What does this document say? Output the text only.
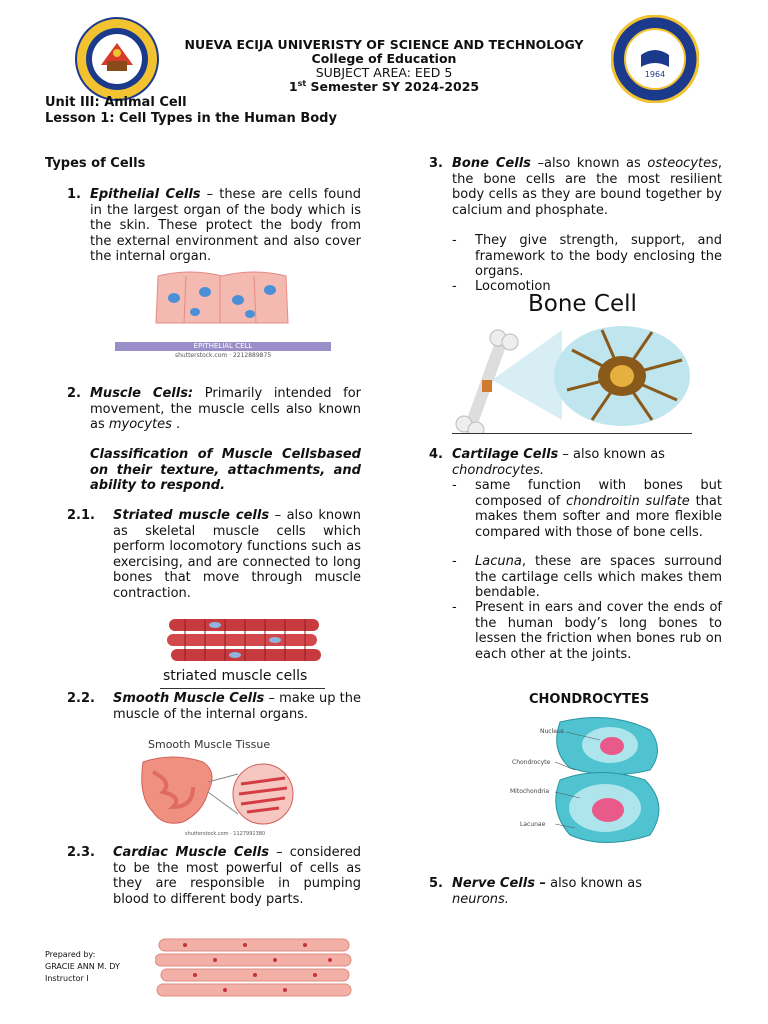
1964
NUEVA ECIJA UNIVERISTY OF SCIENCE AND TECHNOLOGY
College of Education
SUBJECT AREA: EED 5
1st Semester SY 2024-2025
Unit III: Animal Cell
Lesson 1: Cell Types in the Human Body
Types of Cells
1. Epithelial Cells – these are cells found in the largest organ of the body which is the skin. These protect the body from the external environment and also cover the internal organ.
EPITHELIAL CELL
shutterstock.com · 2212889875
2. Muscle Cells: Primarily intended for movement, the muscle cells also known as myocytes .
Classification of Muscle Cellsbased on their texture, attachments, and ability to respond.
2.1. Striated muscle cells – also known as skeletal muscle cells which perform locomotory functions such as exercising, and are connected to long bones that move through muscle contraction.
striated muscle cells
2.2. Smooth Muscle Cells – make up the muscle of the internal organs.
Smooth Muscle Tissue
shutterstock.com · 1127991380
2.3. Cardiac Muscle Cells – considered to be the most powerful of cells as they are responsible in pumping blood to different body parts.
Prepared by:
GRACIE ANN M. DY
Instructor I
3. Bone Cells –also known as osteocytes, the bone cells are the most resilient body cells as they are bound together by calcium and phosphate.
- They give strength, support, and framework to the body enclosing the organs.
- Locomotion
Bone Cell
4. Cartilage Cells – also known as
chondrocytes.
- same function with bones but composed of chondroitin sulfate that makes them softer and more flexible compared with those of bone cells.
- Lacuna, these are spaces surround the cartilage cells which makes them bendable.
- Present in ears and cover the ends of the human body’s long bones to lessen the friction when bones rub on each other at the joints.
CHONDROCYTES
Nucleus
Chondrocyte
Mitochondria
Lacunae
5. Nerve Cells – also known as
neurons.
